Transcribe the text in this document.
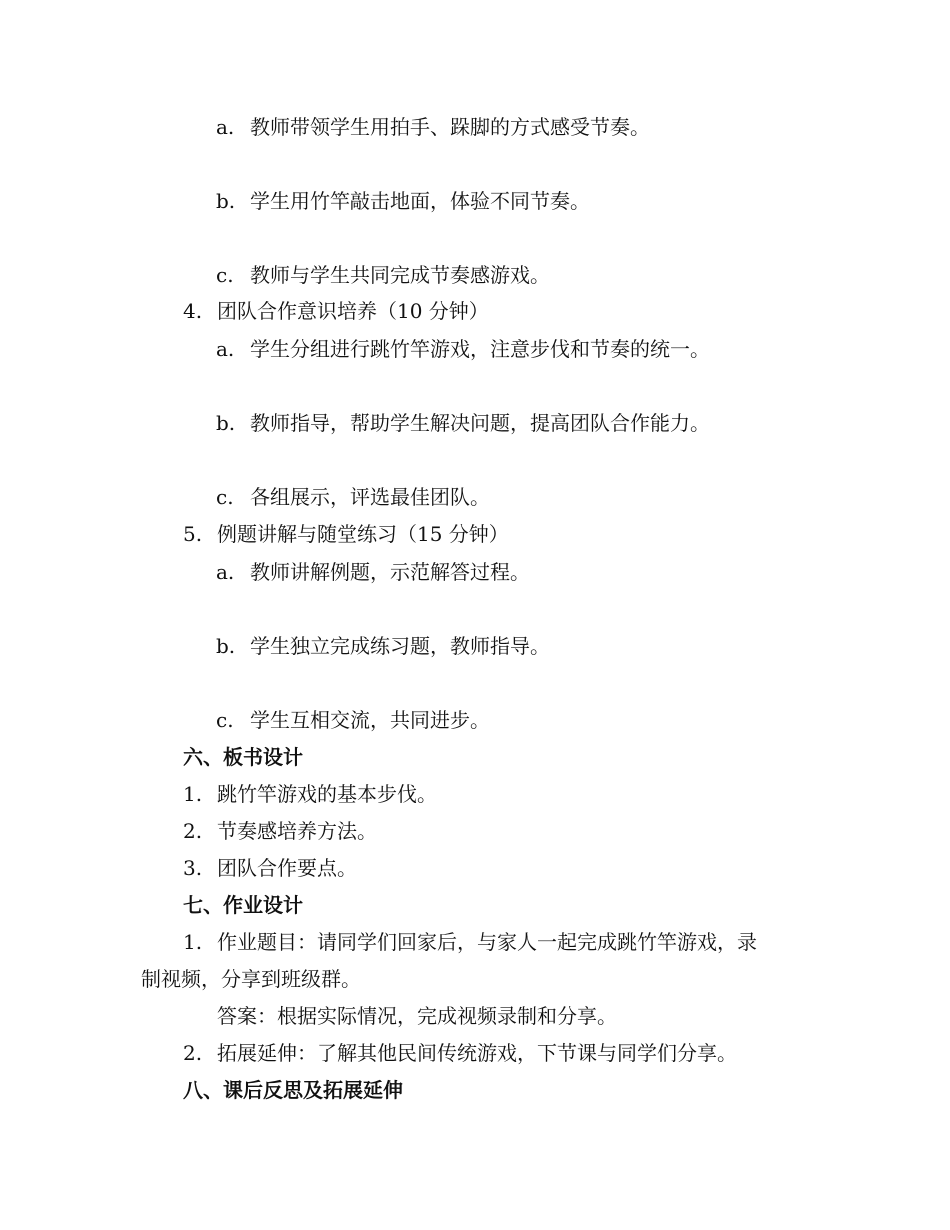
a. 教师带领学生用拍手、跺脚的方式感受节奏。
b. 学生用竹竿敲击地面，体验不同节奏。
c. 教师与学生共同完成节奏感游戏。
4. 团队合作意识培养（10 分钟）
a. 学生分组进行跳竹竿游戏，注意步伐和节奏的统一。
b. 教师指导，帮助学生解决问题，提高团队合作能力。
c. 各组展示，评选最佳团队。
5. 例题讲解与随堂练习（15 分钟）
a. 教师讲解例题，示范解答过程。
b. 学生独立完成练习题，教师指导。
c. 学生互相交流，共同进步。
六、板书设计
1. 跳竹竿游戏的基本步伐。
2. 节奏感培养方法。
3. 团队合作要点。
七、作业设计
1. 作业题目：请同学们回家后，与家人一起完成跳竹竿游戏，录
制视频，分享到班级群。
答案：根据实际情况，完成视频录制和分享。
2. 拓展延伸：了解其他民间传统游戏，下节课与同学们分享。
八、课后反思及拓展延伸
